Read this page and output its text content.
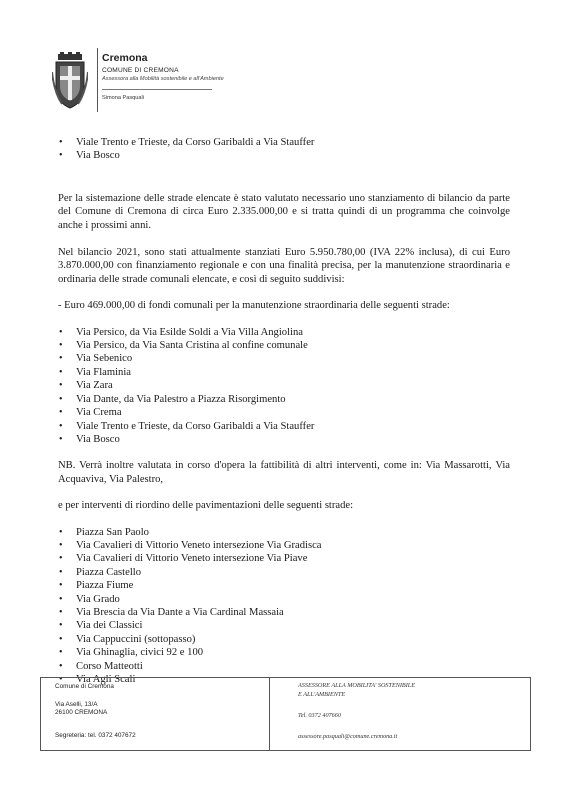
Cremona
COMUNE DI CREMONA
Assessora alla Mobilità sostenibile e all'Ambiente
Simona Pasquali
• Viale Trento e Trieste, da Corso Garibaldi a Via Stauffer
• Via Bosco

Per la sistemazione delle strade elencate è stato valutato necessario uno stanziamento di bilancio da parte del Comune di Cremona di circa Euro 2.335.000,00 e si tratta quindi di un programma che coinvolge anche i prossimi anni.

Nel bilancio 2021, sono stati attualmente stanziati Euro 5.950.780,00 (IVA 22% inclusa), di cui Euro 3.870.000,00 con finanziamento regionale e con una finalità precisa, per la manutenzione straordinaria e ordinaria delle strade comunali elencate, e così di seguito suddivisi:

- Euro 469.000,00 di fondi comunali per la manutenzione straordinaria delle seguenti strade:

• Via Persico, da Via Esilde Soldi a Via Villa Angiolina
• Via Persico, da Via Santa Cristina al confine comunale
• Via Sebenico
• Via Flaminia
• Via Zara
• Via Dante, da Via Palestro a Piazza Risorgimento
• Via Crema
• Viale Trento e Trieste, da Corso Garibaldi a Via Stauffer
• Via Bosco

NB. Verrà inoltre valutata in corso d'opera la fattibilità di altri interventi, come in: Via Massarotti, Via Acquaviva, Via Palestro,

e per interventi di riordino delle pavimentazioni delle seguenti strade:

• Piazza San Paolo
• Via Cavalieri di Vittorio Veneto intersezione Via Gradisca
• Via Cavalieri di Vittorio Veneto intersezione Via Piave
• Piazza Castello
• Piazza Fiume
• Via Grado
• Via Brescia da Via Dante a Via Cardinal Massaia
• Via dei Classici
• Via Cappuccini (sottopasso)
• Via Ghinaglia, civici 92 e 100
• Corso Matteotti
• Via Agli Scali
Comune di Cremona
Via Aselli, 13/A
26100 CREMONA
Segreteria: tel. 0372 407672
ASSESSORE ALLA MOBILITA' SOSTENIBILE
E ALL'AMBIENTE
Tel. 0372 407660
assessore.pasquali@comune.cremona.it
